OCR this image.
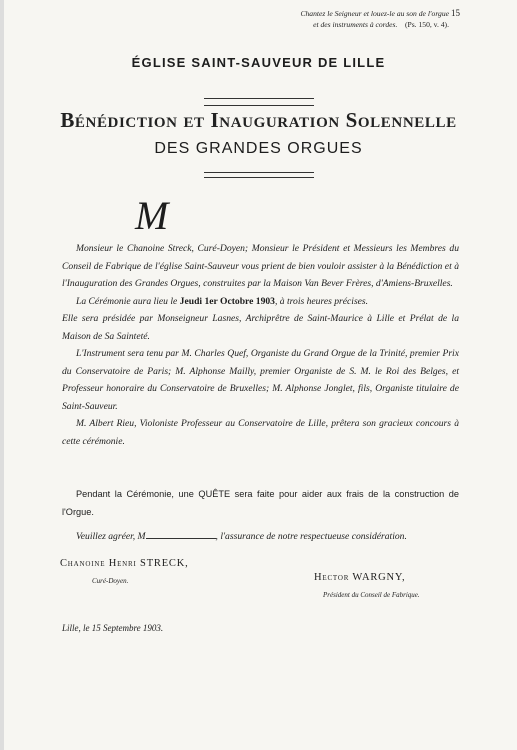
Chantez le Seigneur et louez-le au son de l'orgue
et des instruments à cordes. (Ps. 150, v. 4).
15
ÉGLISE SAINT-SAUVEUR DE LILLE
Bénédiction et Inauguration Solennelle
DES GRANDES ORGUES
M

Monsieur le Chanoine Streck, Curé-Doyen; Monsieur le Président et Messieurs les Membres du Conseil de Fabrique de l'église Saint-Sauveur vous prient de bien vouloir assister à la Bénédiction et à l'Inauguration des Grandes Orgues, construites par la Maison Van Bever Frères, d'Amiens-Bruxelles.

La Cérémonie aura lieu le Jeudi 1er Octobre 1903, à trois heures précises.

Elle sera présidée par Monseigneur Lasnes, Archiprêtre de Saint-Maurice à Lille et Prélat de la Maison de Sa Sainteté.

L'Instrument sera tenu par M. Charles Quef, Organiste du Grand Orgue de la Trinité, premier Prix du Conservatoire de Paris; M. Alphonse Mailly, premier Organiste de S. M. le Roi des Belges, et Professeur honoraire du Conservatoire de Bruxelles; M. Alphonse Jonglet, fils, Organiste titulaire de Saint-Sauveur.

M. Albert Rieu, Violoniste Professeur au Conservatoire de Lille, prêtera son gracieux concours à cette cérémonie.

Pendant la Cérémonie, une QUÊTE sera faite pour aider aux frais de la construction de l'Orgue.
Veuillez agréer, M	, l'assurance de notre respectueuse considération.
Chanoine Henri STRECK,
Curé-Doyen.	Hector WARGNY,
Président du Conseil de Fabrique.
Lille, le 15 Septembre 1903.
